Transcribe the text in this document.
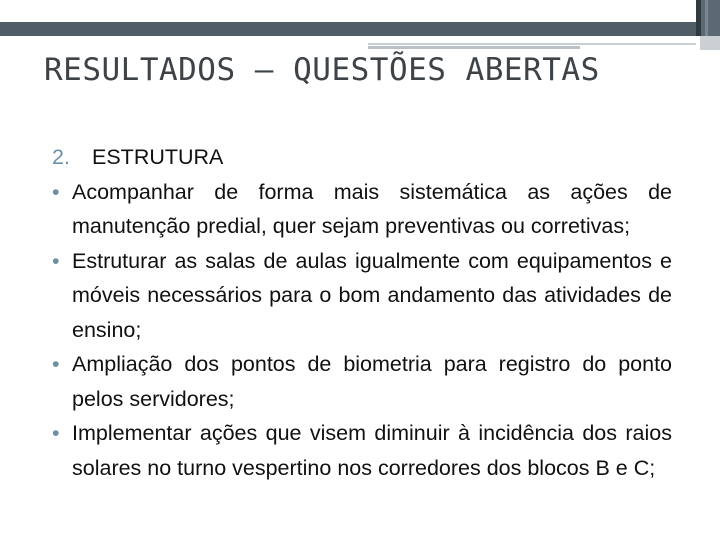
RESULTADOS – QUESTÕES ABERTAS

2.	ESTRUTURA

• Acompanhar de forma mais sistemática as ações de manutenção predial, quer sejam preventivas ou corretivas;

• Estruturar as salas de aulas igualmente com equipamentos e móveis necessários para o bom andamento das atividades de ensino;

• Ampliação dos pontos de biometria para registro do ponto pelos servidores;

• Implementar ações que visem diminuir à incidência dos raios solares no turno vespertino nos corredores dos blocos B e C;
